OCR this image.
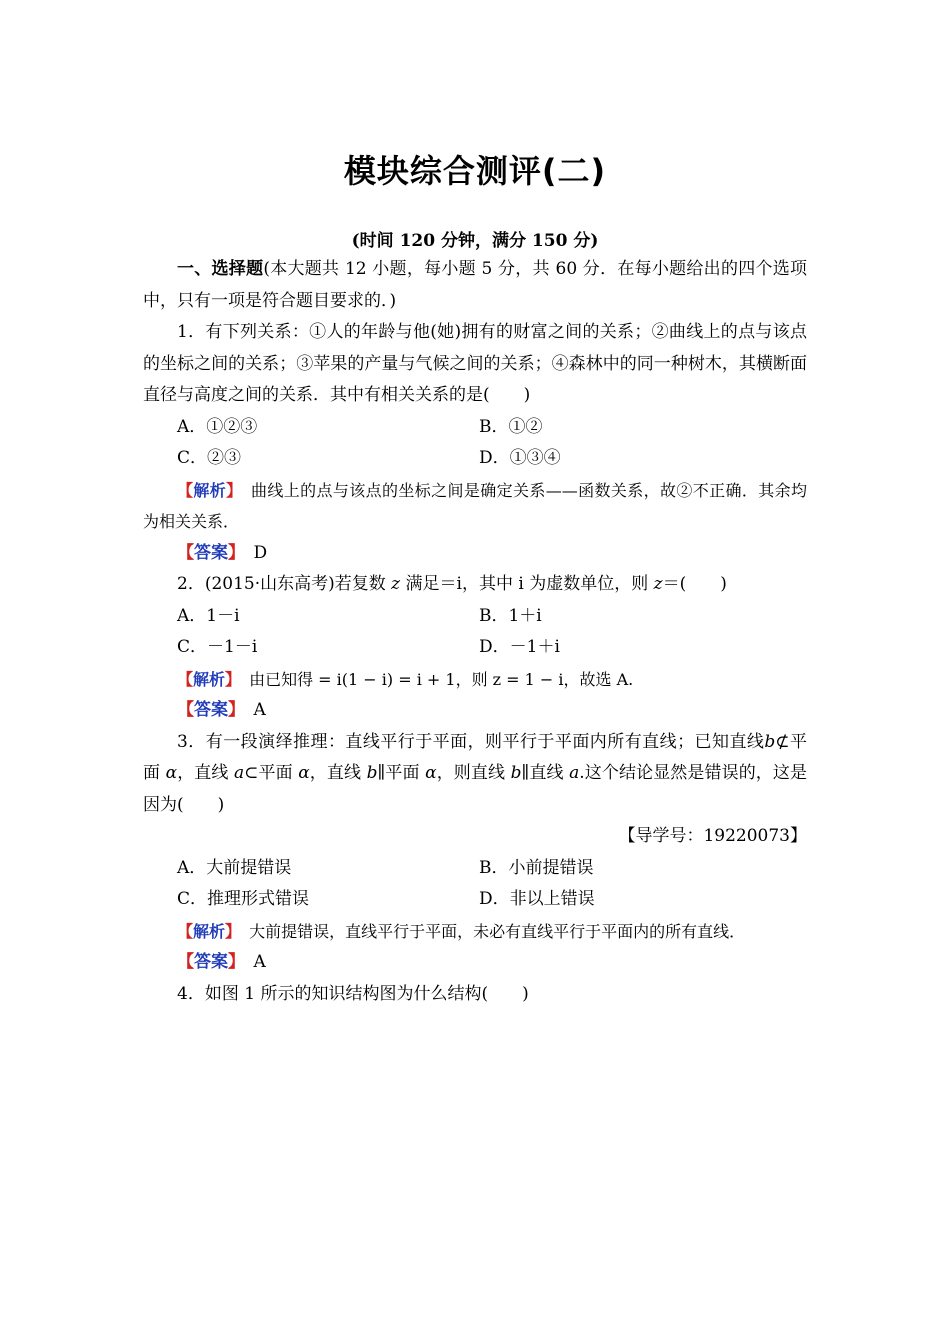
模块综合测评(二)
(时间 120 分钟，满分 150 分)

一、选择题(本大题共 12 小题，每小题 5 分，共 60 分．在每小题给出的四个选项中，只有一项是符合题目要求的．)

1．有下列关系：①人的年龄与他(她)拥有的财富之间的关系；②曲线上的点与该点的坐标之间的关系；③苹果的产量与气候之间的关系；④森林中的同一种树木，其横断面直径与高度之间的关系．其中有相关关系的是(　　)

A．①②③	B．①②
C．②③	D．①③④

【解析】　 曲线上的点与该点的坐标之间是确定关系——函数关系，故②不正确．其余均为相关关系．

【答案】　 D

2．(2015·山东高考)若复数 z 满足＝i，其中 i 为虚数单位，则 z＝(　　)

A．1－i	B．1＋i
C．－1－i	D．－1＋i

【解析】　 由已知得 = i(1 − i) = i + 1，则 z = 1 − i，故选 A.

【答案】　 A

3．有一段演绎推理：直线平行于平面，则平行于平面内所有直线；已知直线b⊄平面 α，直线 a⊂平面 α，直线 b∥平面 α，则直线 b∥直线 a.这个结论显然是错误的，这是因为(　　)

【导学号：19220073】

A．大前提错误	B．小前提错误
C．推理形式错误	D．非以上错误

【解析】　 大前提错误，直线平行于平面，未必有直线平行于平面内的所有直线．

【答案】　 A

4．如图 1 所示的知识结构图为什么结构(　　)
